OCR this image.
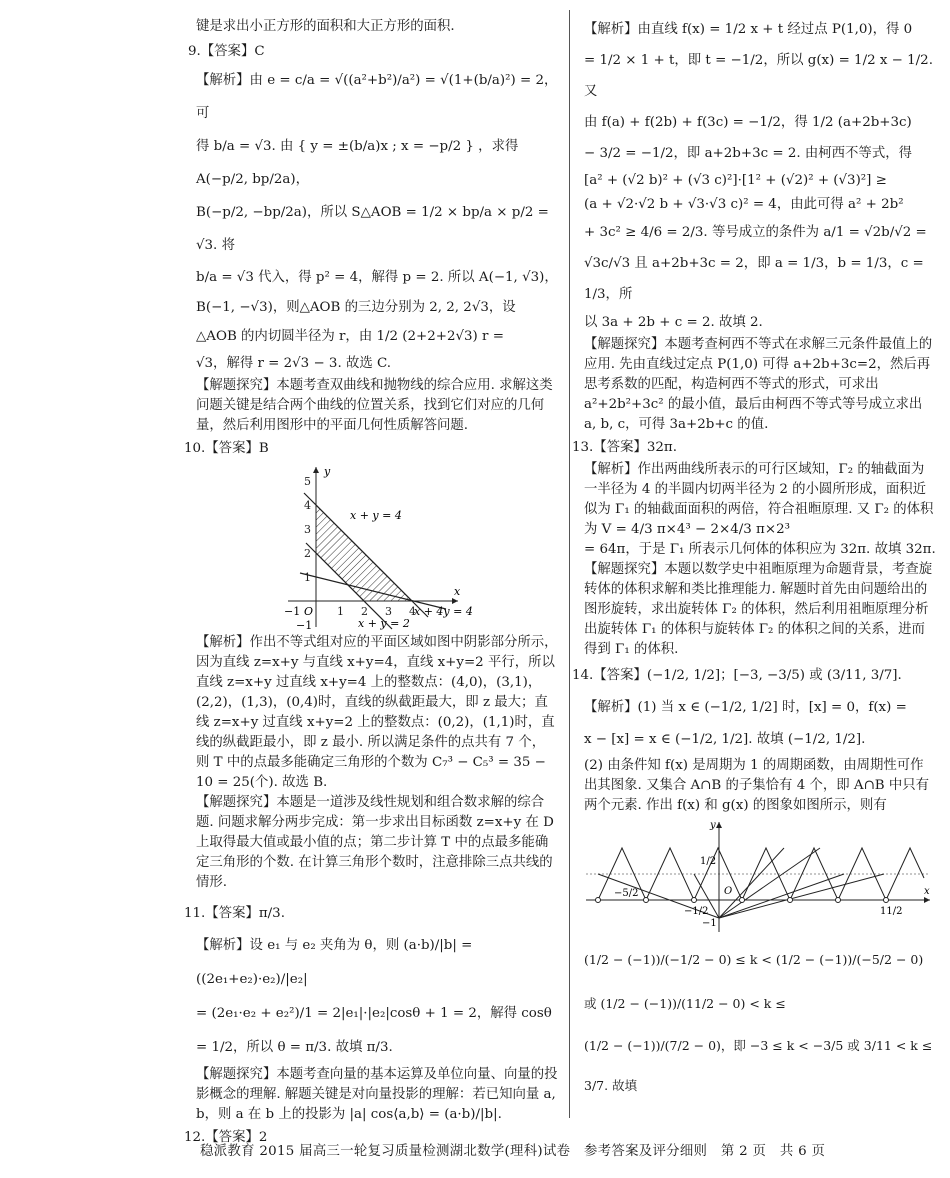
键是求出小正方形的面积和大正方形的面积.
9.【答案】C
【解析】由 e = c/a = √((a²+b²)/a²) = √(1+(b/a)²) = 2，可
得 b/a = √3. 由 { y = ±(b/a)x ; x = −p/2 } ，求得 A(−p/2, bp/2a)，
B(−p/2, −bp/2a)，所以 S△AOB = 1/2 × bp/a × p/2 = √3. 将
b/a = √3 代入，得 p² = 4，解得 p = 2. 所以 A(−1, √3)，
B(−1, −√3)，则△AOB 的三边分别为 2, 2, 2√3，设
△AOB 的内切圆半径为 r，由 1/2 (2+2+2√3) r =
√3，解得 r = 2√3 − 3. 故选 C.
【解题探究】本题考查双曲线和抛物线的综合应用. 求解这类问题关键是结合两个曲线的位置关系，找到它们对应的几何量，然后利用图形中的平面几何性质解答问题.
10.【答案】B
1 2 3 4
1
2
3
4
5
O
−1
−1
y
x
x + y = 4
x + y = 2
x + 4y = 4
【解析】作出不等式组对应的平面区域如图中阴影部分所示，因为直线 z=x+y 与直线 x+y=4，直线 x+y=2 平行，所以直线 z=x+y 过直线 x+y=4 上的整数点：(4,0)，(3,1)，(2,2)，(1,3)，(0,4)时，直线的纵截距最大，即 z 最大；直线 z=x+y 过直线 x+y=2 上的整数点：(0,2)，(1,1)时，直线的纵截距最小，即 z 最小. 所以满足条件的点共有 7 个，则 T 中的点最多能确定三角形的个数为 C₇³ − C₅³ = 35 − 10 = 25(个). 故选 B.
【解题探究】本题是一道涉及线性规划和组合数求解的综合题. 问题求解分两步完成：第一步求出目标函数 z=x+y 在 D 上取得最大值或最小值的点；第二步计算 T 中的点最多能确定三角形的个数. 在计算三角形个数时，注意排除三点共线的情形.
11.【答案】π/3.
【解析】设 e₁ 与 e₂ 夹角为 θ，则 (a·b)/|b| = ((2e₁+e₂)·e₂)/|e₂|
= (2e₁·e₂ + e₂²)/1 = 2|e₁|·|e₂|cosθ + 1 = 2，解得 cosθ
= 1/2，所以 θ = π/3. 故填 π/3.
【解题探究】本题考查向量的基本运算及单位向量、向量的投影概念的理解. 解题关键是对向量投影的理解：若已知向量 a, b，则 a 在 b 上的投影为 |a| cos⟨a,b⟩ = (a·b)/|b|.
12.【答案】2
【解析】由直线 f(x) = 1/2 x + t 经过点 P(1,0)，得 0
= 1/2 × 1 + t，即 t = −1/2，所以 g(x) = 1/2 x − 1/2. 又
由 f(a) + f(2b) + f(3c) = −1/2，得 1/2 (a+2b+3c)
− 3/2 = −1/2，即 a+2b+3c = 2. 由柯西不等式，得
[a² + (√2 b)² + (√3 c)²]·[1² + (√2)² + (√3)²] ≥
(a + √2·√2 b + √3·√3 c)² = 4，由此可得 a² + 2b²
+ 3c² ≥ 4/6 = 2/3. 等号成立的条件为 a/1 = √2b/√2 =
√3c/√3 且 a+2b+3c = 2，即 a = 1/3，b = 1/3，c = 1/3，所
以 3a + 2b + c = 2. 故填 2.
【解题探究】本题考查柯西不等式在求解三元条件最值上的应用. 先由直线过定点 P(1,0) 可得 a+2b+3c=2，然后再思考系数的匹配，构造柯西不等式的形式，可求出 a²+2b²+3c² 的最小值，最后由柯西不等式等号成立求出 a, b, c，可得 3a+2b+c 的值.
13.【答案】32π.
【解析】作出两曲线所表示的可行区域知，Γ₂ 的轴截面为一半径为 4 的半圆内切两半径为 2 的小圆所形成，面积近似为 Γ₁ 的轴截面面积的两倍，符合祖暅原理. 又 Γ₂ 的体积为 V = 4/3 π×4³ − 2×4/3 π×2³
= 64π，于是 Γ₁ 所表示几何体的体积应为 32π. 故填 32π.
【解题探究】本题以数学史中祖暅原理为命题背景，考查旋转体的体积求解和类比推理能力. 解题时首先由问题给出的图形旋转，求出旋转体 Γ₂ 的体积，然后利用祖暅原理分析出旋转体 Γ₁ 的体积与旋转体 Γ₂ 的体积之间的关系，进而得到 Γ₁ 的体积.
14.【答案】(−1/2, 1/2]；[−3, −3/5) 或 (3/11, 3/7].
【解析】(1) 当 x ∈ (−1/2, 1/2] 时，[x] = 0，f(x) =
x − [x] = x ∈ (−1/2, 1/2]. 故填 (−1/2, 1/2].
(2) 由条件知 f(x) 是周期为 1 的周期函数，由周期性可作出其图象. 又集合 A∩B 的子集恰有 4 个，即 A∩B 中只有两个元素. 作出 f(x) 和 g(x) 的图象如图所示，则有
y
x
O
1/2
−5/2
−1/2
−1
11/2
(1/2 − (−1))/(−1/2 − 0) ≤ k < (1/2 − (−1))/(−5/2 − 0) 或 (1/2 − (−1))/(11/2 − 0) < k ≤
(1/2 − (−1))/(7/2 − 0)，即 −3 ≤ k < −3/5 或 3/11 < k ≤ 3/7. 故填
稳派教育 2015 届高三一轮复习质量检测湖北数学(理科)试卷　参考答案及评分细则　第 2 页　共 6 页
